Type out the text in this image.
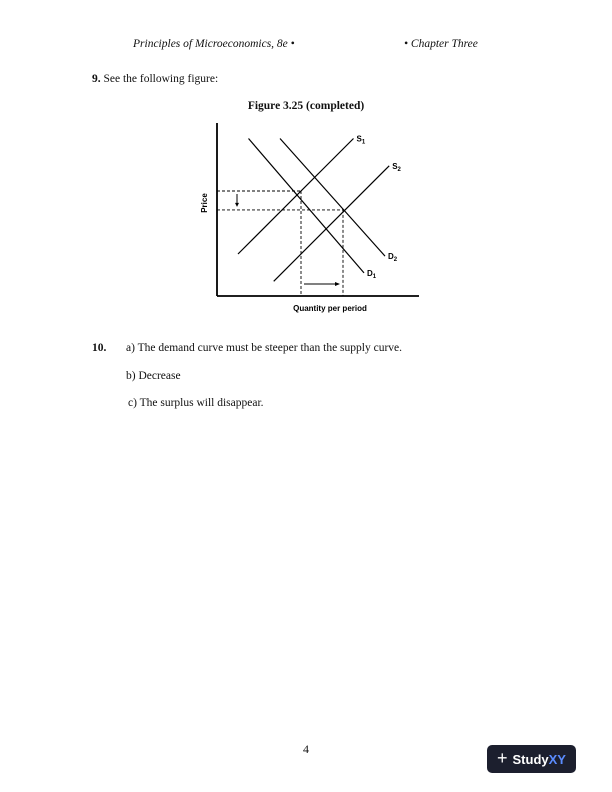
Principles of Microeconomics, 8e •	• Chapter Three
9. See the following figure:
Figure 3.25 (completed)
Price
Quantity per period
$S_1$
$S_2$
$D_1$
$D_2$
10. a) The demand curve must be steeper than the supply curve.
b) Decrease
c) The surplus will disappear.
4	+ StudyXY
